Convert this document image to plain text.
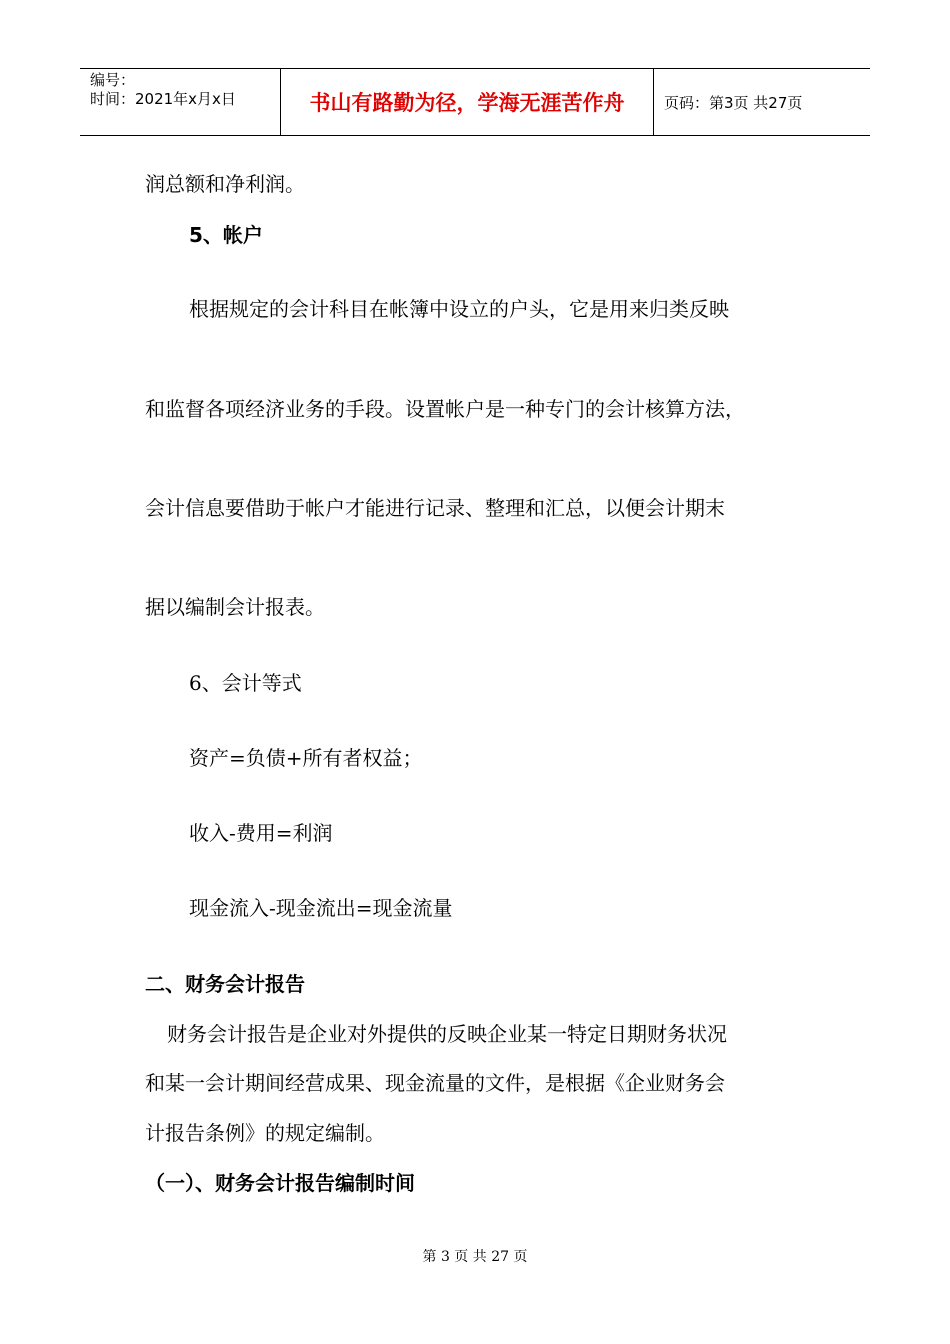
编号：
时间：2021年x月x日	书山有路勤为径，学海无涯苦作舟	页码：第3页 共27页
润总额和净利润。
5、帐户
根据规定的会计科目在帐簿中设立的户头，它是用来归类反映
和监督各项经济业务的手段。设置帐户是一种专门的会计核算方法，
会计信息要借助于帐户才能进行记录、整理和汇总，以便会计期末
据以编制会计报表。
6、会计等式
资产=负债+所有者权益；
收入-费用=利润
现金流入-现金流出=现金流量
二、财务会计报告
财务会计报告是企业对外提供的反映企业某一特定日期财务状况
和某一会计期间经营成果、现金流量的文件，是根据《企业财务会
计报告条例》的规定编制。
（一）、财务会计报告编制时间
第 3 页 共 27 页
